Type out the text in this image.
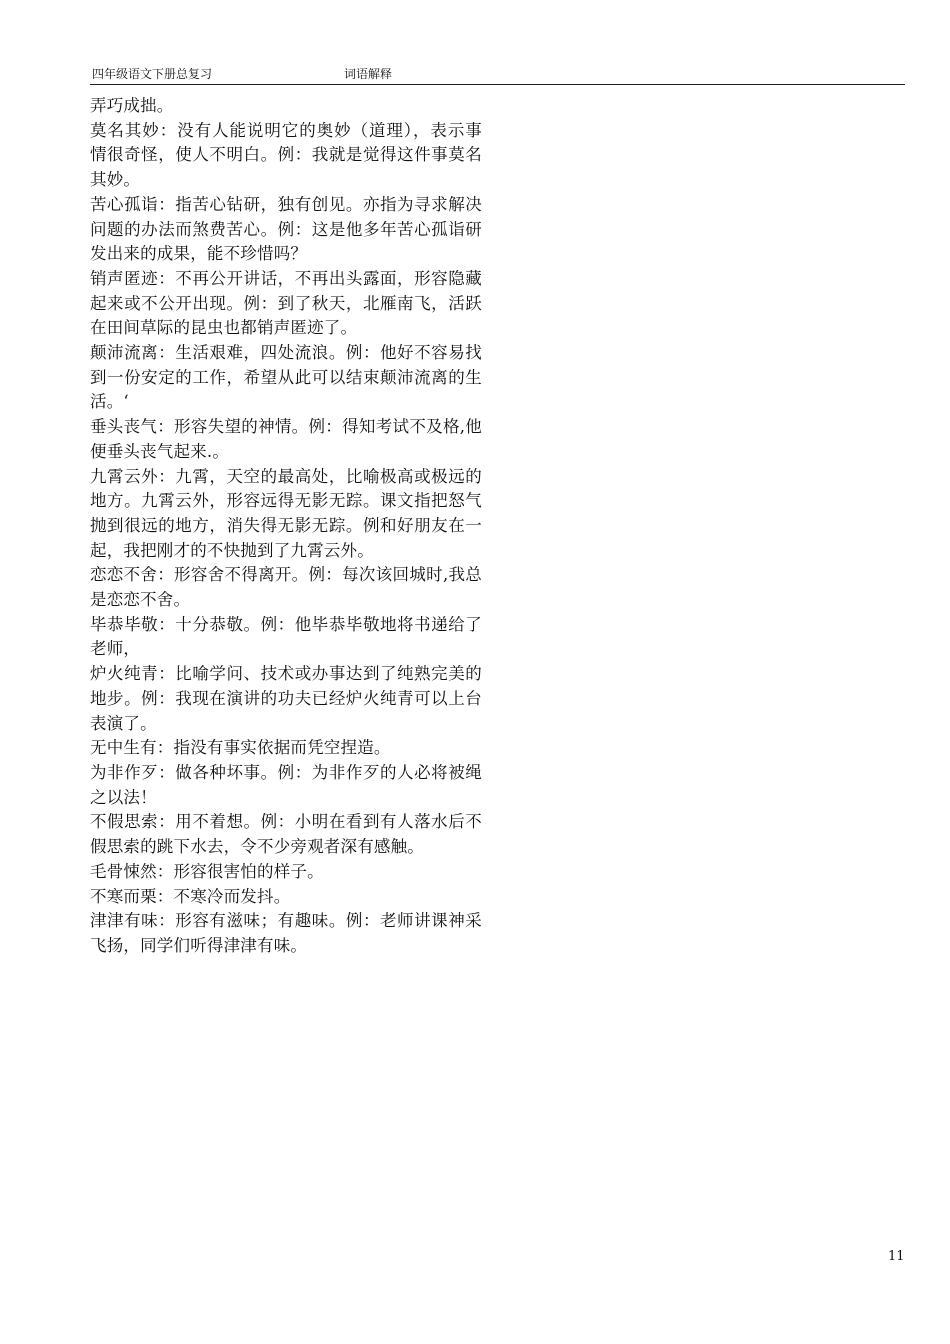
四年级语文下册总复习	词语解释

弄巧成拙。

莫名其妙：没有人能说明它的奥妙（道理），表示事情很奇怪，使人不明白。例：我就是觉得这件事莫名其妙。

苦心孤诣：指苦心钻研，独有创见。亦指为寻求解决问题的办法而煞费苦心。例：这是他多年苦心孤诣研发出来的成果，能不珍惜吗？

销声匿迹：不再公开讲话，不再出头露面，形容隐藏起来或不公开出现。例：到了秋天，北雁南飞，活跃在田间草际的昆虫也都销声匿迹了。

颠沛流离：生活艰难，四处流浪。例：他好不容易找到一份安定的工作，希望从此可以结束颠沛流离的生活。‘

垂头丧气：形容失望的神情。例：得知考试不及格,他便垂头丧气起来.。

九霄云外：九霄，天空的最高处，比喻极高或极远的地方。九霄云外，形容远得无影无踪。课文指把怒气抛到很远的地方，消失得无影无踪。例和好朋友在一起，我把刚才的不快抛到了九霄云外。

恋恋不舍：形容舍不得离开。例：每次该回城时,我总是恋恋不舍。

毕恭毕敬：十分恭敬。例：他毕恭毕敬地将书递给了老师，

炉火纯青：比喻学问、技术或办事达到了纯熟完美的地步。例：我现在演讲的功夫已经炉火纯青可以上台表演了。

无中生有：指没有事实依据而凭空捏造。

为非作歹：做各种坏事。例：为非作歹的人必将被绳之以法！

不假思索：用不着想。例：小明在看到有人落水后不假思索的跳下水去，令不少旁观者深有感触。

毛骨悚然：形容很害怕的样子。

不寒而栗：不寒冷而发抖。

津津有味：形容有滋味；有趣味。例：老师讲课神采飞扬，同学们听得津津有味。

11
